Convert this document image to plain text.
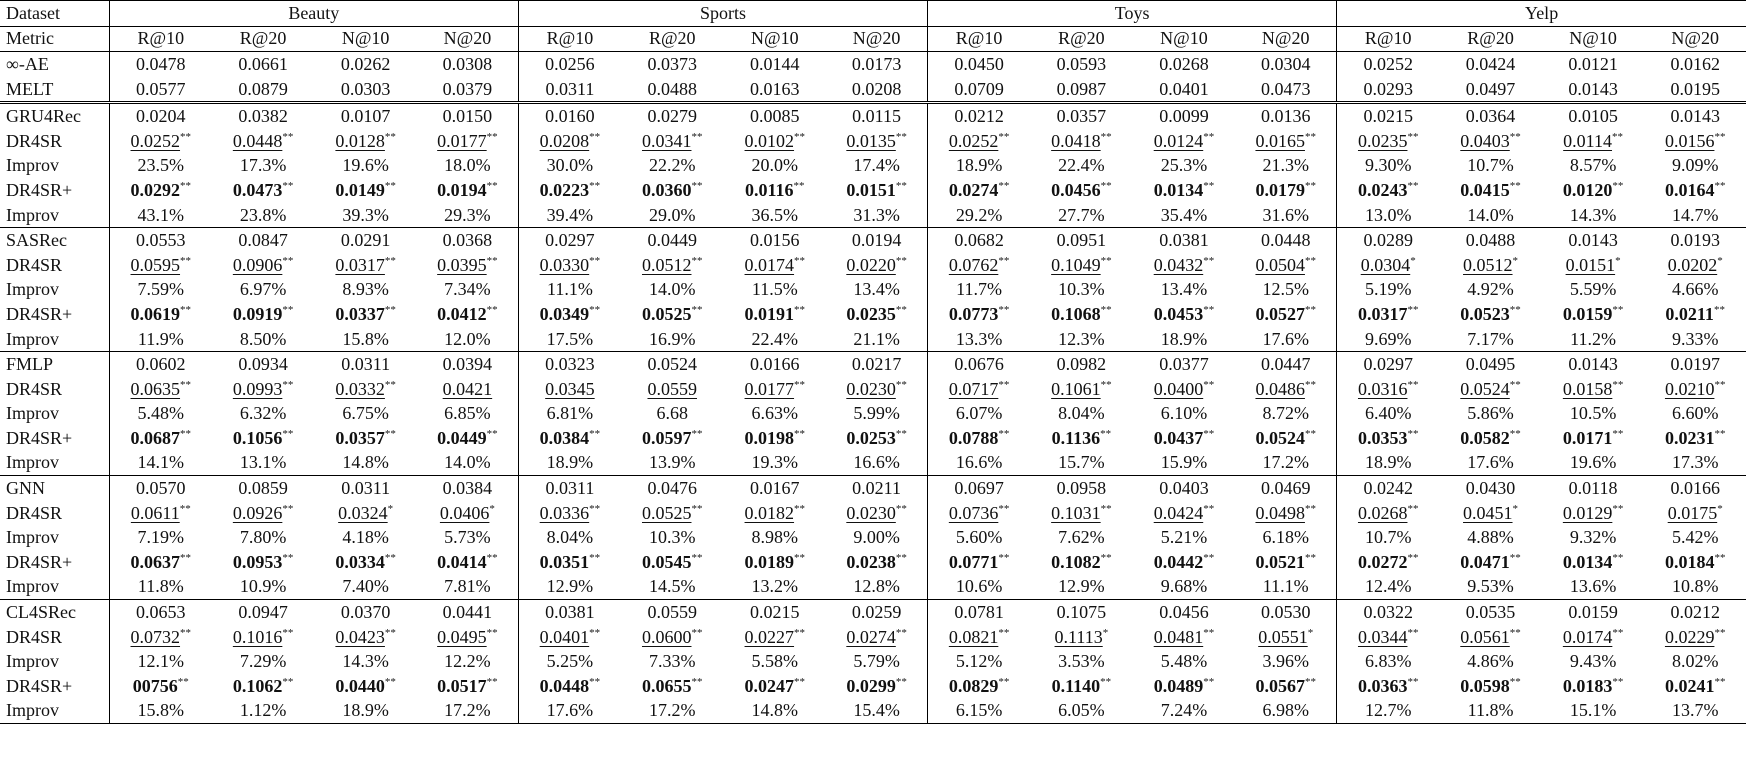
Dataset	Beauty				Sports				Toys				Yelp			
Metric	R@10	R@20	N@10	N@20	R@10	R@20	N@10	N@20	R@10	R@20	N@10	N@20	R@10	R@20	N@10	N@20
∞-AE	0.0478	0.0661	0.0262	0.0308	0.0256	0.0373	0.0144	0.0173	0.0450	0.0593	0.0268	0.0304	0.0252	0.0424	0.0121	0.0162
MELT	0.0577	0.0879	0.0303	0.0379	0.0311	0.0488	0.0163	0.0208	0.0709	0.0987	0.0401	0.0473	0.0293	0.0497	0.0143	0.0195
GRU4Rec	0.0204	0.0382	0.0107	0.0150	0.0160	0.0279	0.0085	0.0115	0.0212	0.0357	0.0099	0.0136	0.0215	0.0364	0.0105	0.0143
DR4SR	0.0252**	0.0448**	0.0128**	0.0177**	0.0208**	0.0341**	0.0102**	0.0135**	0.0252**	0.0418**	0.0124**	0.0165**	0.0235**	0.0403**	0.0114**	0.0156**
Improv	23.5%	17.3%	19.6%	18.0%	30.0%	22.2%	20.0%	17.4%	18.9%	22.4%	25.3%	21.3%	9.30%	10.7%	8.57%	9.09%
DR4SR+	0.0292**	0.0473**	0.0149**	0.0194**	0.0223**	0.0360**	0.0116**	0.0151**	0.0274**	0.0456**	0.0134**	0.0179**	0.0243**	0.0415**	0.0120**	0.0164**
Improv	43.1%	23.8%	39.3%	29.3%	39.4%	29.0%	36.5%	31.3%	29.2%	27.7%	35.4%	31.6%	13.0%	14.0%	14.3%	14.7%
SASRec	0.0553	0.0847	0.0291	0.0368	0.0297	0.0449	0.0156	0.0194	0.0682	0.0951	0.0381	0.0448	0.0289	0.0488	0.0143	0.0193
DR4SR	0.0595**	0.0906**	0.0317**	0.0395**	0.0330**	0.0512**	0.0174**	0.0220**	0.0762**	0.1049**	0.0432**	0.0504**	0.0304*	0.0512*	0.0151*	0.0202*
Improv	7.59%	6.97%	8.93%	7.34%	11.1%	14.0%	11.5%	13.4%	11.7%	10.3%	13.4%	12.5%	5.19%	4.92%	5.59%	4.66%
DR4SR+	0.0619**	0.0919**	0.0337**	0.0412**	0.0349**	0.0525**	0.0191**	0.0235**	0.0773**	0.1068**	0.0453**	0.0527**	0.0317**	0.0523**	0.0159**	0.0211**
Improv	11.9%	8.50%	15.8%	12.0%	17.5%	16.9%	22.4%	21.1%	13.3%	12.3%	18.9%	17.6%	9.69%	7.17%	11.2%	9.33%
FMLP	0.0602	0.0934	0.0311	0.0394	0.0323	0.0524	0.0166	0.0217	0.0676	0.0982	0.0377	0.0447	0.0297	0.0495	0.0143	0.0197
DR4SR	0.0635**	0.0993**	0.0332**	0.0421	0.0345	0.0559	0.0177**	0.0230**	0.0717**	0.1061**	0.0400**	0.0486**	0.0316**	0.0524**	0.0158**	0.0210**
Improv	5.48%	6.32%	6.75%	6.85%	6.81%	6.68	6.63%	5.99%	6.07%	8.04%	6.10%	8.72%	6.40%	5.86%	10.5%	6.60%
DR4SR+	0.0687**	0.1056**	0.0357**	0.0449**	0.0384**	0.0597**	0.0198**	0.0253**	0.0788**	0.1136**	0.0437**	0.0524**	0.0353**	0.0582**	0.0171**	0.0231**
Improv	14.1%	13.1%	14.8%	14.0%	18.9%	13.9%	19.3%	16.6%	16.6%	15.7%	15.9%	17.2%	18.9%	17.6%	19.6%	17.3%
GNN	0.0570	0.0859	0.0311	0.0384	0.0311	0.0476	0.0167	0.0211	0.0697	0.0958	0.0403	0.0469	0.0242	0.0430	0.0118	0.0166
DR4SR	0.0611**	0.0926**	0.0324*	0.0406*	0.0336**	0.0525**	0.0182**	0.0230**	0.0736**	0.1031**	0.0424**	0.0498**	0.0268**	0.0451*	0.0129**	0.0175*
Improv	7.19%	7.80%	4.18%	5.73%	8.04%	10.3%	8.98%	9.00%	5.60%	7.62%	5.21%	6.18%	10.7%	4.88%	9.32%	5.42%
DR4SR+	0.0637**	0.0953**	0.0334**	0.0414**	0.0351**	0.0545**	0.0189**	0.0238**	0.0771**	0.1082**	0.0442**	0.0521**	0.0272**	0.0471**	0.0134**	0.0184**
Improv	11.8%	10.9%	7.40%	7.81%	12.9%	14.5%	13.2%	12.8%	10.6%	12.9%	9.68%	11.1%	12.4%	9.53%	13.6%	10.8%
CL4SRec	0.0653	0.0947	0.0370	0.0441	0.0381	0.0559	0.0215	0.0259	0.0781	0.1075	0.0456	0.0530	0.0322	0.0535	0.0159	0.0212
DR4SR	0.0732**	0.1016**	0.0423**	0.0495**	0.0401**	0.0600**	0.0227**	0.0274**	0.0821**	0.1113*	0.0481**	0.0551*	0.0344**	0.0561**	0.0174**	0.0229**
Improv	12.1%	7.29%	14.3%	12.2%	5.25%	7.33%	5.58%	5.79%	5.12%	3.53%	5.48%	3.96%	6.83%	4.86%	9.43%	8.02%
DR4SR+	00756**	0.1062**	0.0440**	0.0517**	0.0448**	0.0655**	0.0247**	0.0299**	0.0829**	0.1140**	0.0489**	0.0567**	0.0363**	0.0598**	0.0183**	0.0241**
Improv	15.8%	1.12%	18.9%	17.2%	17.6%	17.2%	14.8%	15.4%	6.15%	6.05%	7.24%	6.98%	12.7%	11.8%	15.1%	13.7%
